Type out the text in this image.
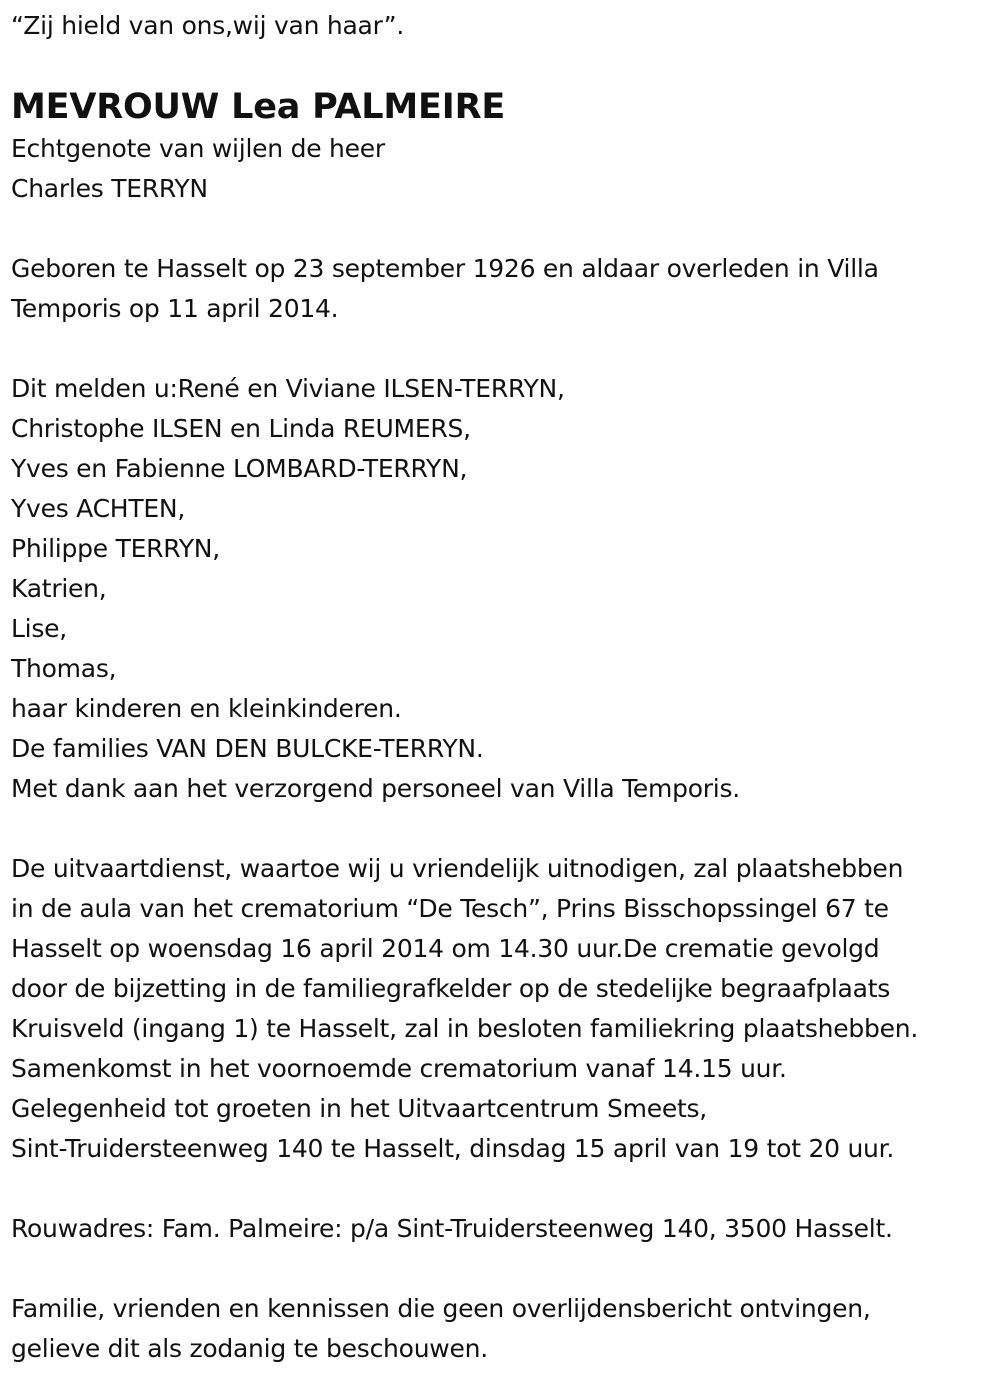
“Zij hield van ons,wij van haar”.

MEVROUW Lea PALMEIRE

Echtgenote van wijlen de heer

Charles TERRYN

Geboren te Hasselt op 23 september 1926 en aldaar overleden in Villa

Temporis op 11 april 2014.

Dit melden u:René en Viviane ILSEN-TERRYN,

Christophe ILSEN en Linda REUMERS,

Yves en Fabienne LOMBARD-TERRYN,

Yves ACHTEN,

Philippe TERRYN,

Katrien,

Lise,

Thomas,

haar kinderen en kleinkinderen.

De families VAN DEN BULCKE-TERRYN.

Met dank aan het verzorgend personeel van Villa Temporis.

De uitvaartdienst, waartoe wij u vriendelijk uitnodigen, zal plaatshebben

in de aula van het crematorium “De Tesch”, Prins Bisschopssingel 67 te

Hasselt op woensdag 16 april 2014 om 14.30 uur.De crematie gevolgd

door de bijzetting in de familiegrafkelder op de stedelijke begraafplaats

Kruisveld (ingang 1) te Hasselt, zal in besloten familiekring plaatshebben.

Samenkomst in het voornoemde crematorium vanaf 14.15 uur.

Gelegenheid tot groeten in het Uitvaartcentrum Smeets,

Sint-Truidersteenweg 140 te Hasselt, dinsdag 15 april van 19 tot 20 uur.

Rouwadres: Fam. Palmeire: p/a Sint-Truidersteenweg 140, 3500 Hasselt.

Familie, vrienden en kennissen die geen overlijdensbericht ontvingen,

gelieve dit als zodanig te beschouwen.
